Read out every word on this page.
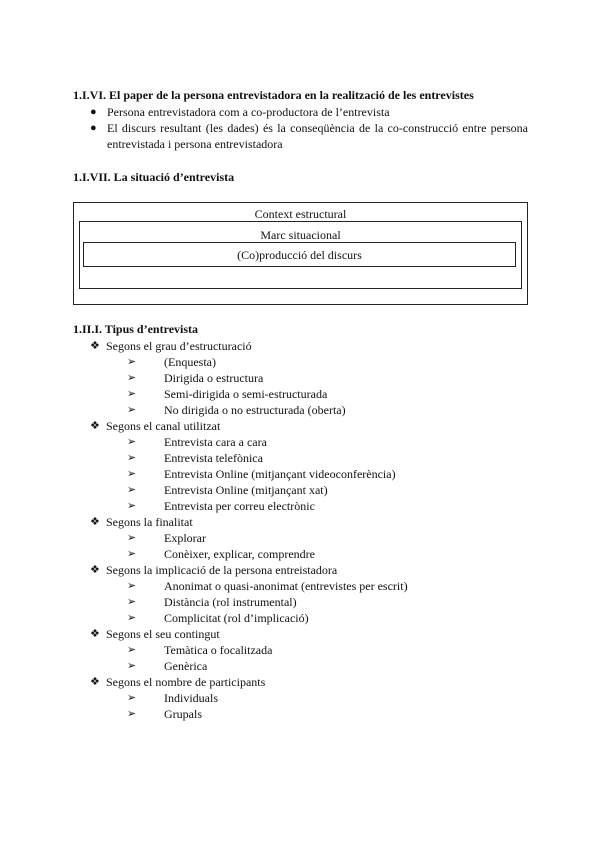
1.I.VI. El paper de la persona entrevistadora en la realització de les entrevistes
● Persona entrevistadora com a co-productora de l’entrevista
● El discurs resultant (les dades) és la conseqüència de la co-construcció entre persona entrevistada i persona entrevistadora
1.I.VII. La situació d’entrevista
Context estructural
Marc situacional
(Co)producció del discurs
1.II.I. Tipus d’entrevista
❖ Segons el grau d’estructuració
➢ (Enquesta)
➢ Dirigida o estructura
➢ Semi-dirigida o semi-estructurada
➢ No dirigida o no estructurada (oberta)
❖ Segons el canal utilitzat
➢ Entrevista cara a cara
➢ Entrevista telefònica
➢ Entrevista Online (mitjançant videoconferència)
➢ Entrevista Online (mitjançant xat)
➢ Entrevista per correu electrònic
❖ Segons la finalitat
➢ Explorar
➢ Conèixer, explicar, comprendre
❖ Segons la implicació de la persona entreistadora
➢ Anonimat o quasi-anonimat (entrevistes per escrit)
➢ Distància (rol instrumental)
➢ Complicitat (rol d’implicació)
❖ Segons el seu contingut
➢ Temàtica o focalitzada
➢ Genèrica
❖ Segons el nombre de participants
➢ Individuals
➢ Grupals
